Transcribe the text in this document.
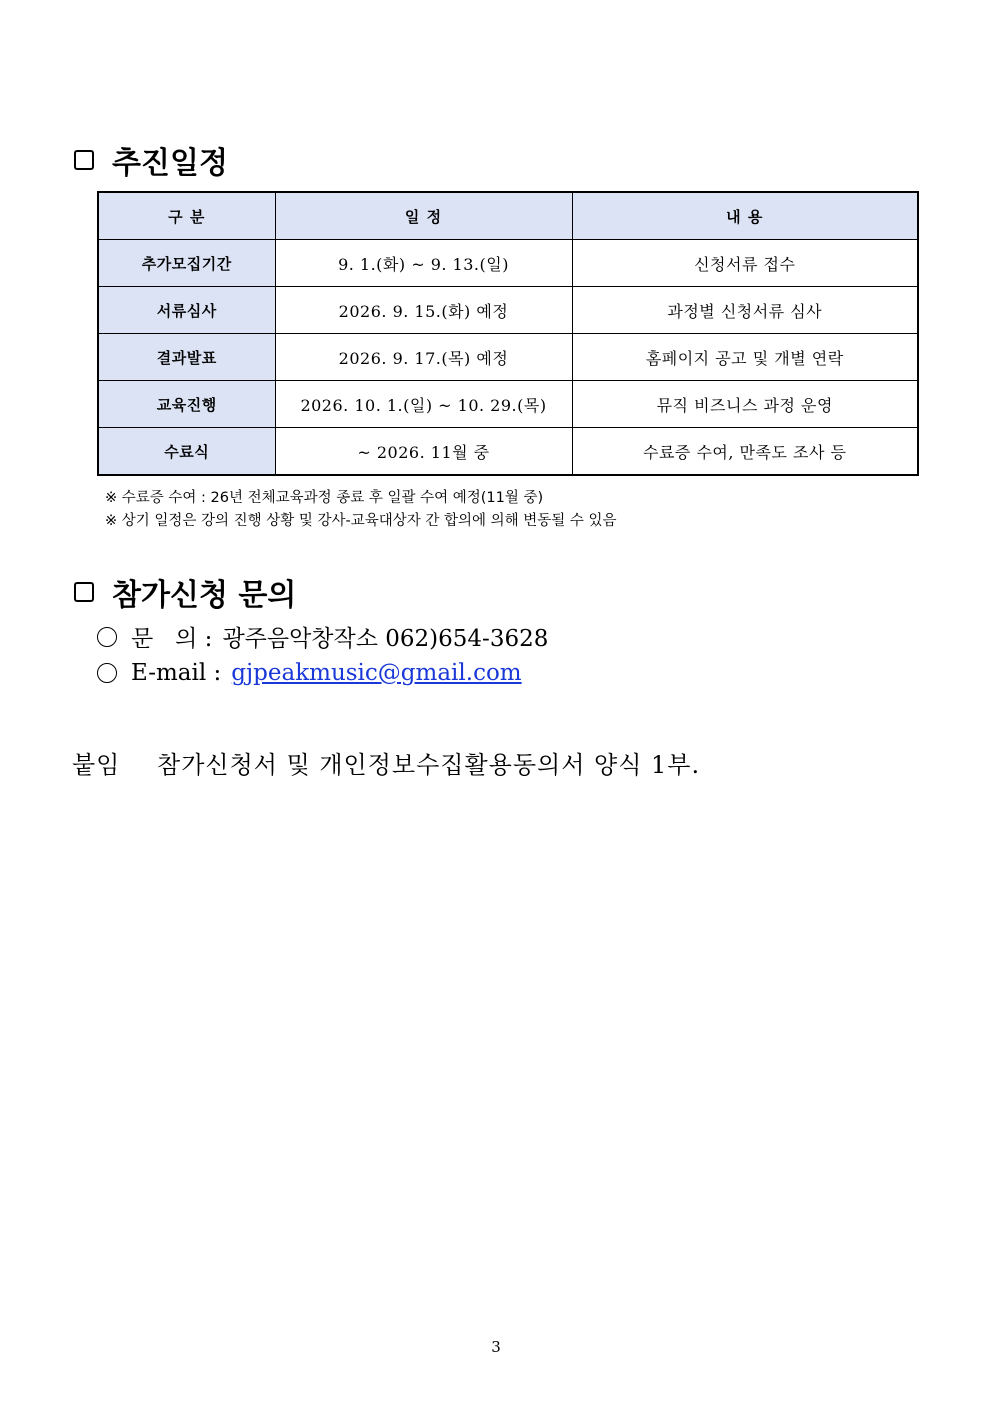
추진일정
구 분	일 정	내 용
추가모집기간	9. 1.(화) ~ 9. 13.(일)	신청서류 접수
서류심사	2026. 9. 15.(화) 예정	과정별 신청서류 심사
결과발표	2026. 9. 17.(목) 예정	홈페이지 공고 및 개별 연락
교육진행	2026. 10. 1.(일) ~ 10. 29.(목)	뮤직 비즈니스 과정 운영
수료식	~ 2026. 11월 중	수료증 수여, 만족도 조사 등
※ 수료증 수여 : 26년 전체교육과정 종료 후 일괄 수여 예정(11월 중)
※ 상기 일정은 강의 진행 상황 및 강사-교육대상자 간 합의에 의해 변동될 수 있음
참가신청 문의
문   의 : 광주음악창작소 062)654-3628
E-mail : gjpeakmusic@gmail.com
붙임 참가신청서 및 개인정보수집활용동의서 양식 1부.
3
